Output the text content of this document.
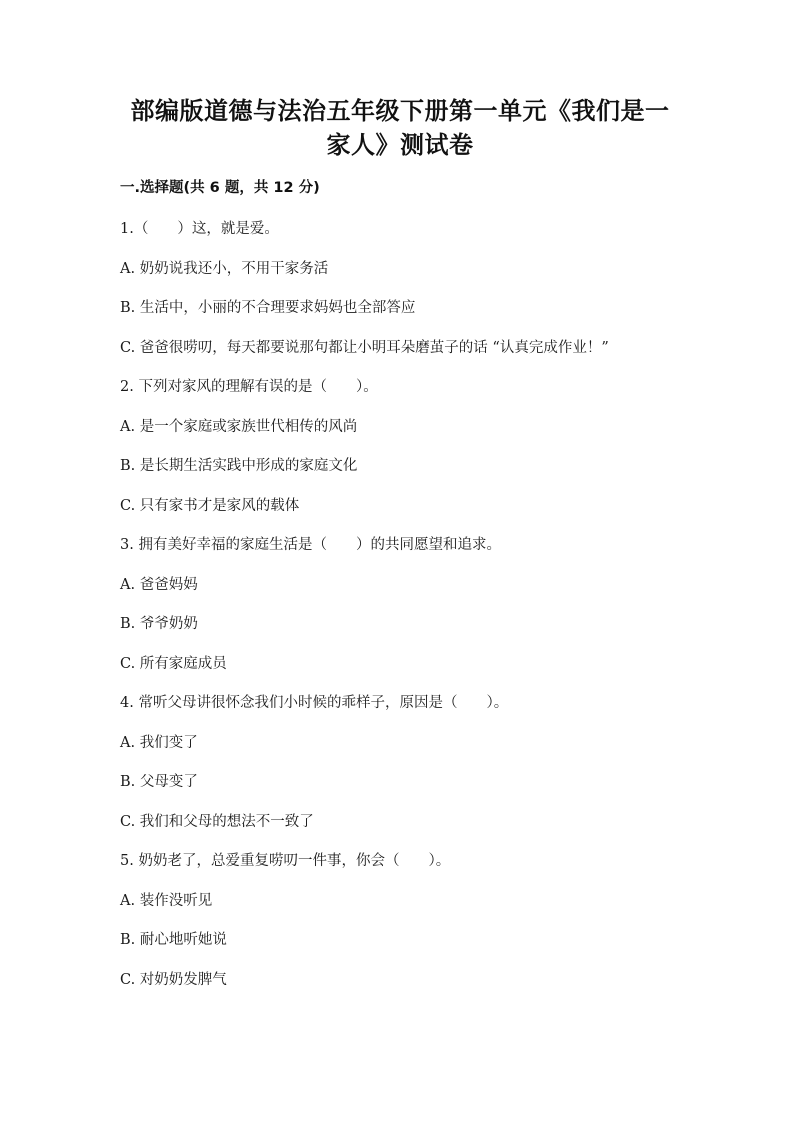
部编版道德与法治五年级下册第一单元《我们是一
家人》测试卷
一.选择题(共 6 题，共 12 分)
1.（　　）这，就是爱。
A. 奶奶说我还小，不用干家务活
B. 生活中，小丽的不合理要求妈妈也全部答应
C. 爸爸很唠叨，每天都要说那句都让小明耳朵磨茧子的话 “认真完成作业！”
2. 下列对家风的理解有误的是（　　）。
A. 是一个家庭或家族世代相传的风尚
B. 是长期生活实践中形成的家庭文化
C. 只有家书才是家风的载体
3. 拥有美好幸福的家庭生活是（　　）的共同愿望和追求。
A. 爸爸妈妈
B. 爷爷奶奶
C. 所有家庭成员
4. 常听父母讲很怀念我们小时候的乖样子，原因是（　　）。
A. 我们变了
B. 父母变了
C. 我们和父母的想法不一致了
5. 奶奶老了，总爱重复唠叨一件事，你会（　　）。
A. 装作没听见
B. 耐心地听她说
C. 对奶奶发脾气
